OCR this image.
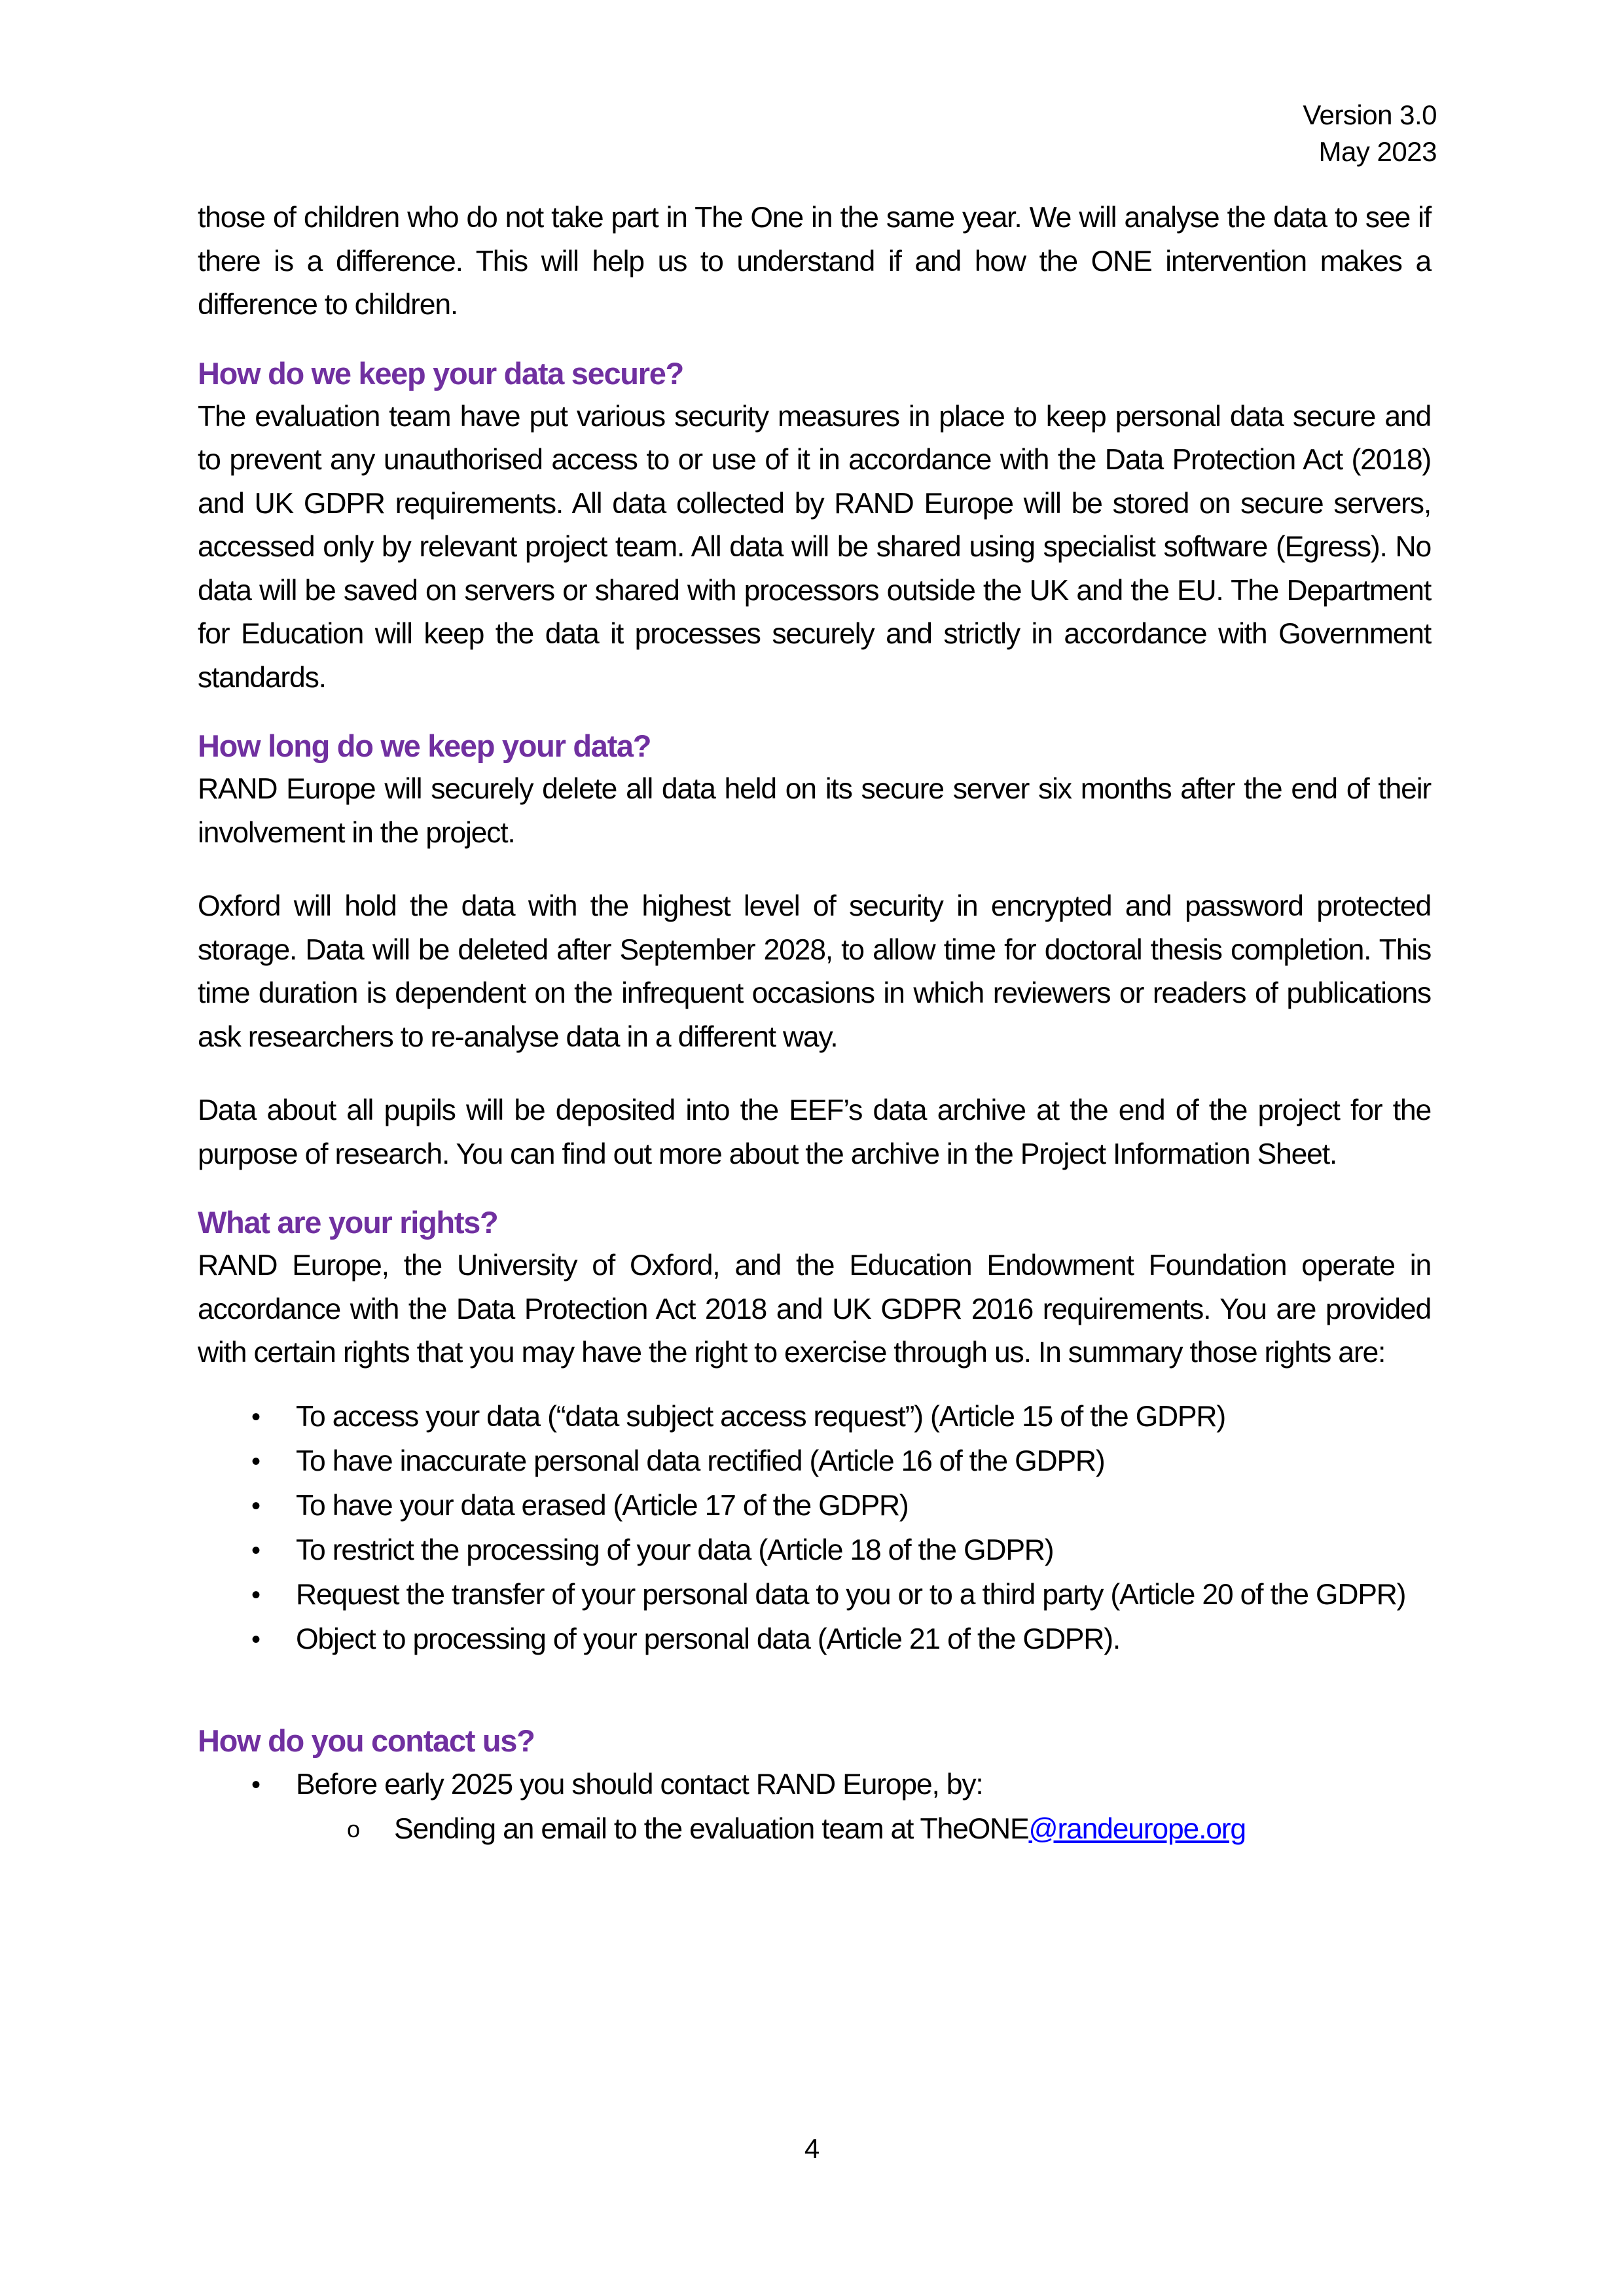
Version 3.0
May 2023

those of children who do not take part in The One in the same year. We will analyse the data to see if there is a difference. This will help us to understand if and how the ONE intervention makes a difference to children.

How do we keep your data secure?

The evaluation team have put various security measures in place to keep personal data secure and to prevent any unauthorised access to or use of it in accordance with the Data Protection Act (2018) and UK GDPR requirements. All data collected by RAND Europe will be stored on secure servers, accessed only by relevant project team. All data will be shared using specialist software (Egress). No data will be saved on servers or shared with processors outside the UK and the EU. The Department for Education will keep the data it processes securely and strictly in accordance with Government standards.

How long do we keep your data?

RAND Europe will securely delete all data held on its secure server six months after the end of their involvement in the project.

Oxford will hold the data with the highest level of security in encrypted and password protected storage. Data will be deleted after September 2028, to allow time for doctoral thesis completion. This time duration is dependent on the infrequent occasions in which reviewers or readers of publications ask researchers to re-analyse data in a different way.

Data about all pupils will be deposited into the EEF’s data archive at the end of the project for the purpose of research. You can find out more about the archive in the Project Information Sheet.

What are your rights?

RAND Europe, the University of Oxford, and the Education Endowment Foundation operate in accordance with the Data Protection Act 2018 and UK GDPR 2016 requirements. You are provided with certain rights that you may have the right to exercise through us. In summary those rights are:

• To access your data (“data subject access request”) (Article 15 of the GDPR)
• To have inaccurate personal data rectified (Article 16 of the GDPR)
• To have your data erased (Article 17 of the GDPR)
• To restrict the processing of your data (Article 18 of the GDPR)
• Request the transfer of your personal data to you or to a third party (Article 20 of the GDPR)
• Object to processing of your personal data (Article 21 of the GDPR).
How do you contact us?
• Before early 2025 you should contact RAND Europe, by:
o Sending an email to the evaluation team at TheONE@randeurope.org
4
